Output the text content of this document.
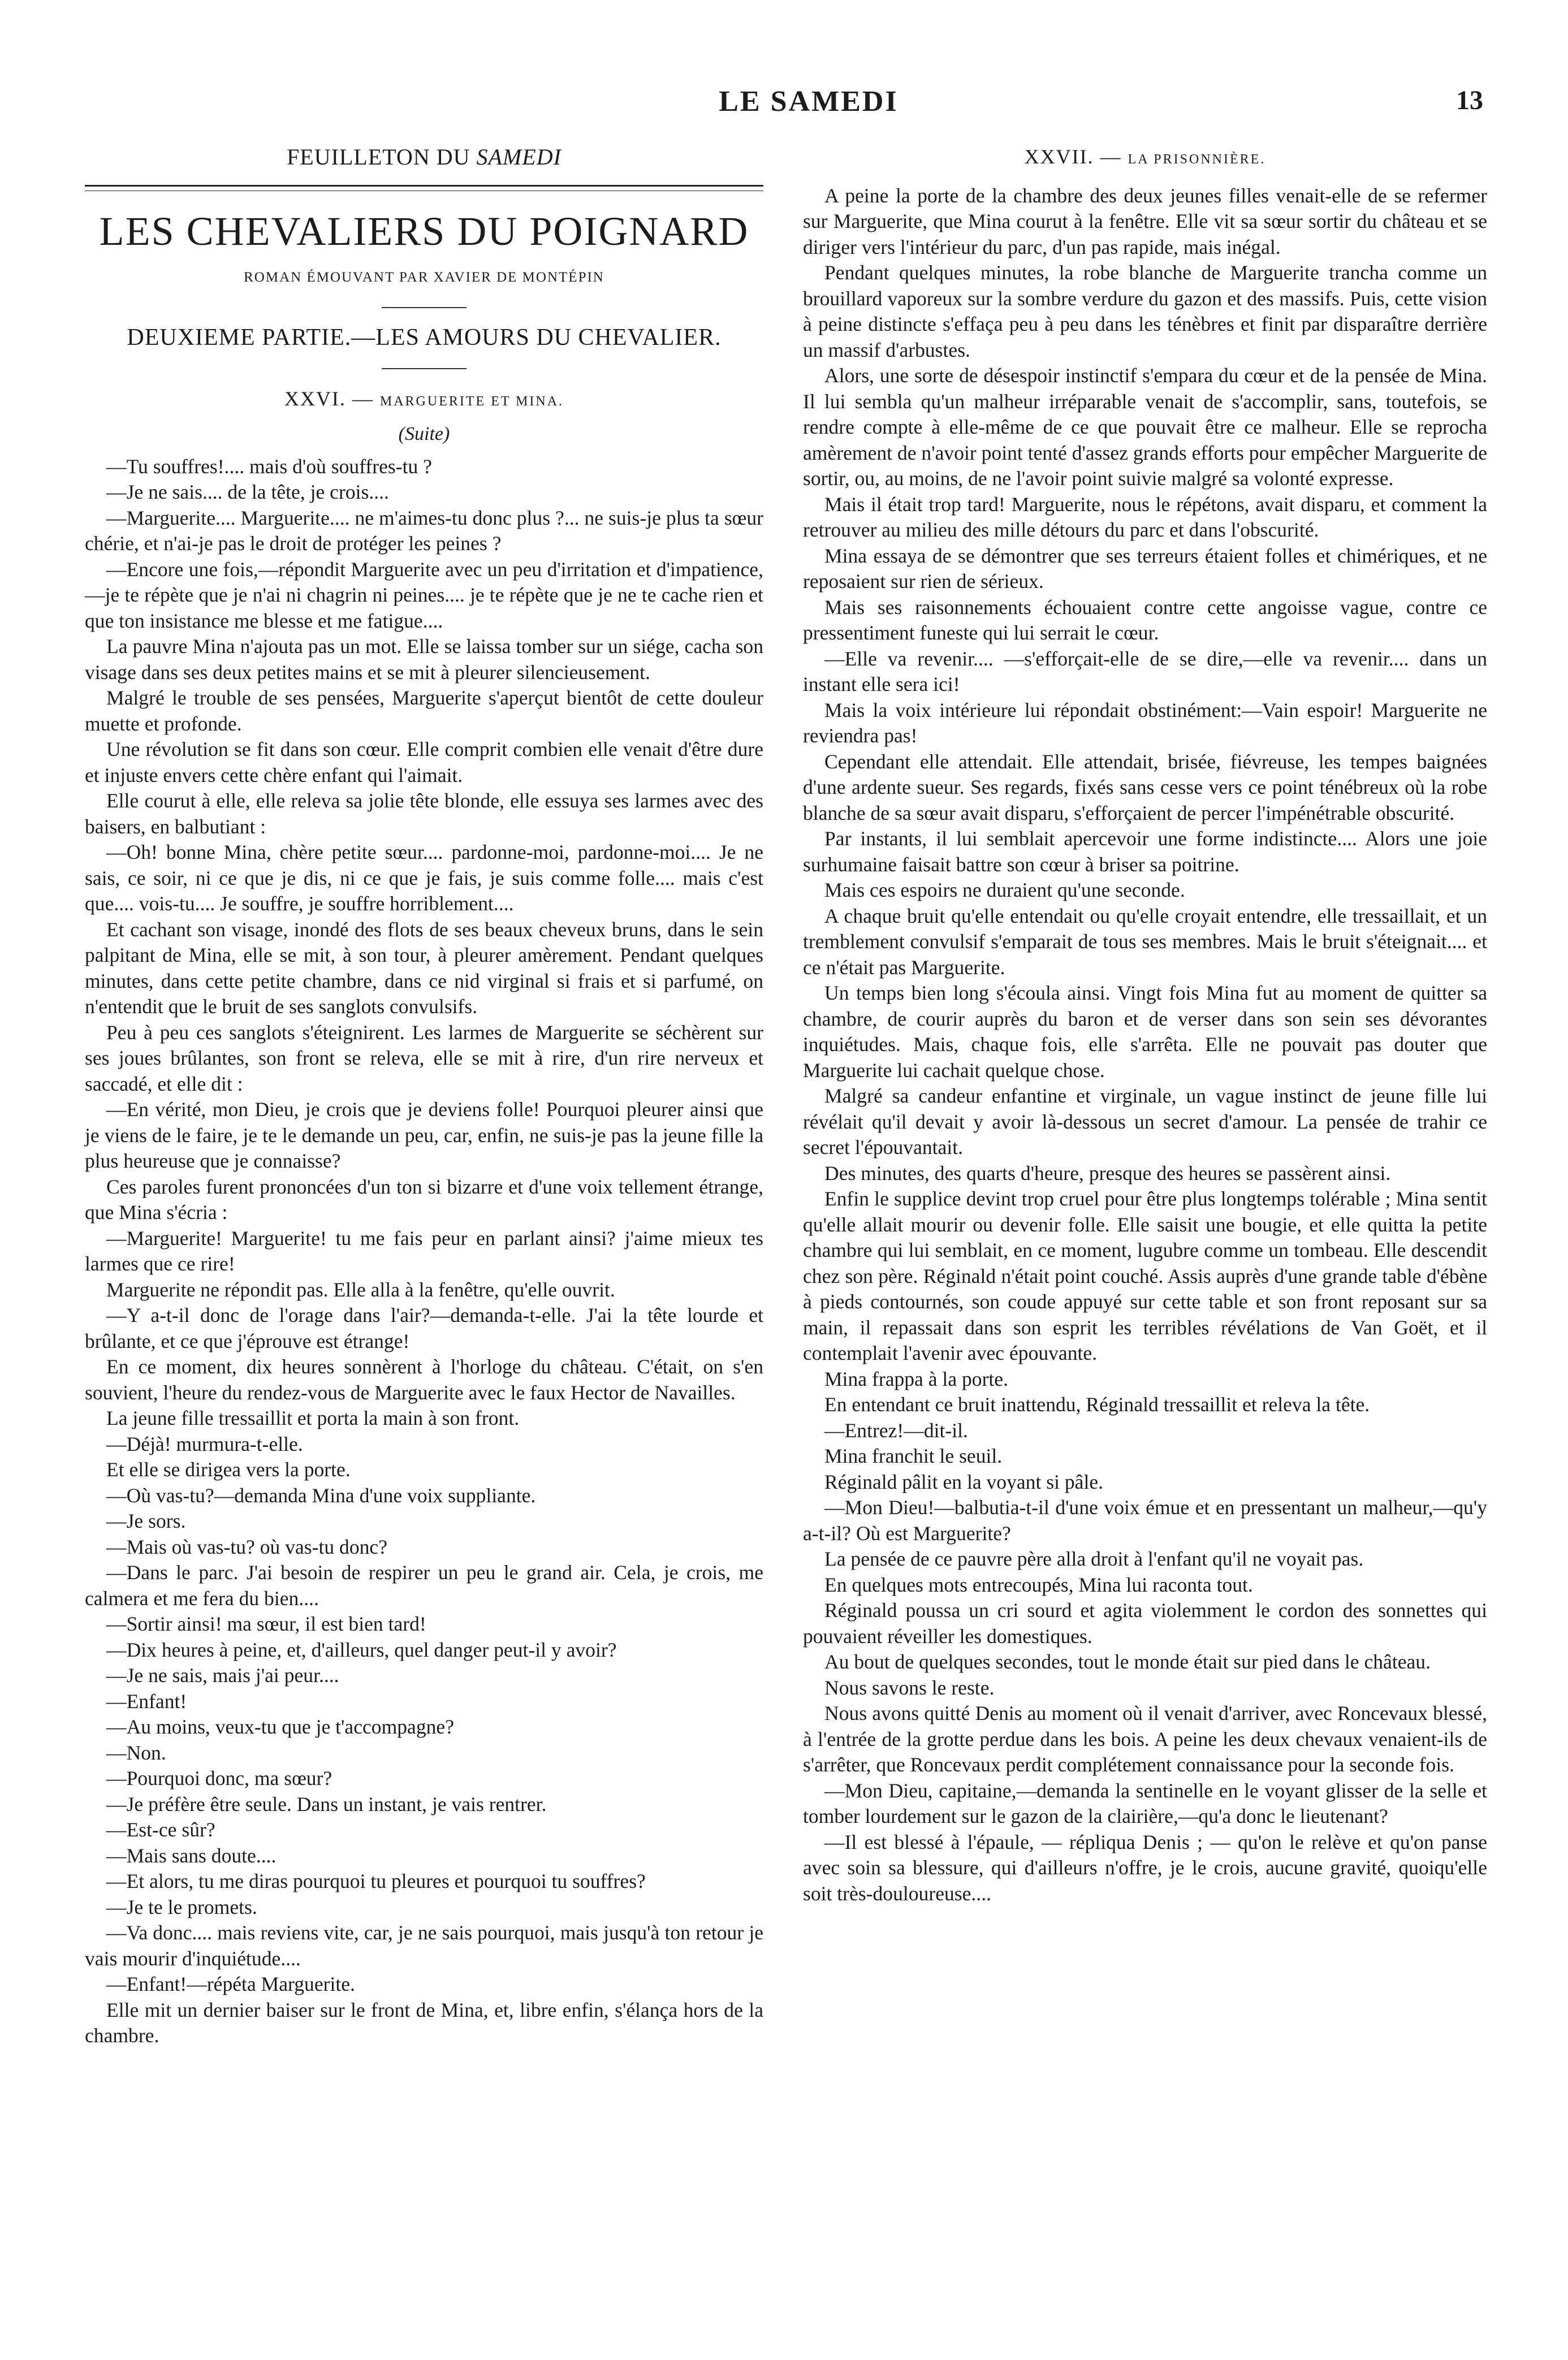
LE SAMEDI	13
FEUILLETON DU SAMEDI
LES CHEVALIERS DU POIGNARD
ROMAN ÉMOUVANT PAR XAVIER DE MONTÉPIN
DEUXIEME PARTIE.—LES AMOURS DU CHEVALIER.
XXVI. — MARGUERITE ET MINA.
(Suite)

—Tu souffres!.... mais d'où souffres-tu ?

—Je ne sais.... de la tête, je crois....

—Marguerite.... Marguerite.... ne m'aimes-tu donc plus ?... ne suis-je plus ta sœur chérie, et n'ai-je pas le droit de protéger les peines ?

—Encore une fois,—répondit Marguerite avec un peu d'irritation et d'impatience,—je te répète que je n'ai ni chagrin ni peines.... je te répète que je ne te cache rien et que ton insistance me blesse et me fatigue....

La pauvre Mina n'ajouta pas un mot. Elle se laissa tomber sur un siége, cacha son visage dans ses deux petites mains et se mit à pleurer silencieusement.

Malgré le trouble de ses pensées, Marguerite s'aperçut bientôt de cette douleur muette et profonde.

Une révolution se fit dans son cœur. Elle comprit combien elle venait d'être dure et injuste envers cette chère enfant qui l'aimait.

Elle courut à elle, elle releva sa jolie tête blonde, elle essuya ses larmes avec des baisers, en balbutiant :

—Oh! bonne Mina, chère petite sœur.... pardonne-moi, pardonne-moi.... Je ne sais, ce soir, ni ce que je dis, ni ce que je fais, je suis comme folle.... mais c'est que.... vois-tu.... Je souffre, je souffre horriblement....

Et cachant son visage, inondé des flots de ses beaux cheveux bruns, dans le sein palpitant de Mina, elle se mit, à son tour, à pleurer amèrement. Pendant quelques minutes, dans cette petite chambre, dans ce nid virginal si frais et si parfumé, on n'entendit que le bruit de ses sanglots convulsifs.

Peu à peu ces sanglots s'éteignirent. Les larmes de Marguerite se séchèrent sur ses joues brûlantes, son front se releva, elle se mit à rire, d'un rire nerveux et saccadé, et elle dit :

—En vérité, mon Dieu, je crois que je deviens folle! Pourquoi pleurer ainsi que je viens de le faire, je te le demande un peu, car, enfin, ne suis-je pas la jeune fille la plus heureuse que je connaisse?

Ces paroles furent prononcées d'un ton si bizarre et d'une voix tellement étrange, que Mina s'écria :

—Marguerite! Marguerite! tu me fais peur en parlant ainsi? j'aime mieux tes larmes que ce rire!

Marguerite ne répondit pas. Elle alla à la fenêtre, qu'elle ouvrit.

—Y a-t-il donc de l'orage dans l'air?—demanda-t-elle. J'ai la tête lourde et brûlante, et ce que j'éprouve est étrange!

En ce moment, dix heures sonnèrent à l'horloge du château. C'était, on s'en souvient, l'heure du rendez-vous de Marguerite avec le faux Hector de Navailles.

La jeune fille tressaillit et porta la main à son front.

—Déjà! murmura-t-elle.

Et elle se dirigea vers la porte.

—Où vas-tu?—demanda Mina d'une voix suppliante.

—Je sors.

—Mais où vas-tu? où vas-tu donc?

—Dans le parc. J'ai besoin de respirer un peu le grand air. Cela, je crois, me calmera et me fera du bien....

—Sortir ainsi! ma sœur, il est bien tard!

—Dix heures à peine, et, d'ailleurs, quel danger peut-il y avoir?

—Je ne sais, mais j'ai peur....

—Enfant!

—Au moins, veux-tu que je t'accompagne?

—Non.

—Pourquoi donc, ma sœur?

—Je préfère être seule. Dans un instant, je vais rentrer.

—Est-ce sûr?

—Mais sans doute....

—Et alors, tu me diras pourquoi tu pleures et pourquoi tu souffres?

—Je te le promets.

—Va donc.... mais reviens vite, car, je ne sais pourquoi, mais jusqu'à ton retour je vais mourir d'inquiétude....

—Enfant!—répéta Marguerite.

Elle mit un dernier baiser sur le front de Mina, et, libre enfin, s'élança hors de la chambre.

XXVII. — LA PRISONNIÈRE.

A peine la porte de la chambre des deux jeunes filles venait-elle de se refermer sur Marguerite, que Mina courut à la fenêtre. Elle vit sa sœur sortir du château et se diriger vers l'intérieur du parc, d'un pas rapide, mais inégal.

Pendant quelques minutes, la robe blanche de Marguerite trancha comme un brouillard vaporeux sur la sombre verdure du gazon et des massifs. Puis, cette vision à peine distincte s'effaça peu à peu dans les ténèbres et finit par disparaître derrière un massif d'arbustes.

Alors, une sorte de désespoir instinctif s'empara du cœur et de la pensée de Mina. Il lui sembla qu'un malheur irréparable venait de s'accomplir, sans, toutefois, se rendre compte à elle-même de ce que pouvait être ce malheur. Elle se reprocha amèrement de n'avoir point tenté d'assez grands efforts pour empêcher Marguerite de sortir, ou, au moins, de ne l'avoir point suivie malgré sa volonté expresse.

Mais il était trop tard! Marguerite, nous le répétons, avait disparu, et comment la retrouver au milieu des mille détours du parc et dans l'obscurité.

Mina essaya de se démontrer que ses terreurs étaient folles et chimériques, et ne reposaient sur rien de sérieux.

Mais ses raisonnements échouaient contre cette angoisse vague, contre ce pressentiment funeste qui lui serrait le cœur.

—Elle va revenir.... —s'efforçait-elle de se dire,—elle va revenir.... dans un instant elle sera ici!

Mais la voix intérieure lui répondait obstinément:—Vain espoir! Marguerite ne reviendra pas!

Cependant elle attendait. Elle attendait, brisée, fiévreuse, les tempes baignées d'une ardente sueur. Ses regards, fixés sans cesse vers ce point ténébreux où la robe blanche de sa sœur avait disparu, s'efforçaient de percer l'impénétrable obscurité.

Par instants, il lui semblait apercevoir une forme indistincte.... Alors une joie surhumaine faisait battre son cœur à briser sa poitrine.

Mais ces espoirs ne duraient qu'une seconde.

A chaque bruit qu'elle entendait ou qu'elle croyait entendre, elle tressaillait, et un tremblement convulsif s'emparait de tous ses membres. Mais le bruit s'éteignait.... et ce n'était pas Marguerite.

Un temps bien long s'écoula ainsi. Vingt fois Mina fut au moment de quitter sa chambre, de courir auprès du baron et de verser dans son sein ses dévorantes inquiétudes. Mais, chaque fois, elle s'arrêta. Elle ne pouvait pas douter que Marguerite lui cachait quelque chose.

Malgré sa candeur enfantine et virginale, un vague instinct de jeune fille lui révélait qu'il devait y avoir là-dessous un secret d'amour. La pensée de trahir ce secret l'épouvantait.

Des minutes, des quarts d'heure, presque des heures se passèrent ainsi.

Enfin le supplice devint trop cruel pour être plus longtemps tolérable ; Mina sentit qu'elle allait mourir ou devenir folle. Elle saisit une bougie, et elle quitta la petite chambre qui lui semblait, en ce moment, lugubre comme un tombeau. Elle descendit chez son père. Réginald n'était point couché. Assis auprès d'une grande table d'ébène à pieds contournés, son coude appuyé sur cette table et son front reposant sur sa main, il repassait dans son esprit les terribles révélations de Van Goët, et il contemplait l'avenir avec épouvante.

Mina frappa à la porte.

En entendant ce bruit inattendu, Réginald tressaillit et releva la tête.

—Entrez!—dit-il.

Mina franchit le seuil.

Réginald pâlit en la voyant si pâle.

—Mon Dieu!—balbutia-t-il d'une voix émue et en pressentant un malheur,—qu'y a-t-il? Où est Marguerite?

La pensée de ce pauvre père alla droit à l'enfant qu'il ne voyait pas.

En quelques mots entrecoupés, Mina lui raconta tout.

Réginald poussa un cri sourd et agita violemment le cordon des sonnettes qui pouvaient réveiller les domestiques.

Au bout de quelques secondes, tout le monde était sur pied dans le château.

Nous savons le reste.

Nous avons quitté Denis au moment où il venait d'arriver, avec Roncevaux blessé, à l'entrée de la grotte perdue dans les bois. A peine les deux chevaux venaient-ils de s'arrêter, que Roncevaux perdit complétement connaissance pour la seconde fois.

—Mon Dieu, capitaine,—demanda la sentinelle en le voyant glisser de la selle et tomber lourdement sur le gazon de la clairière,—qu'a donc le lieutenant?

—Il est blessé à l'épaule, — répliqua Denis ; — qu'on le relève et qu'on panse avec soin sa blessure, qui d'ailleurs n'offre, je le crois, aucune gravité, quoiqu'elle soit très-douloureuse....
